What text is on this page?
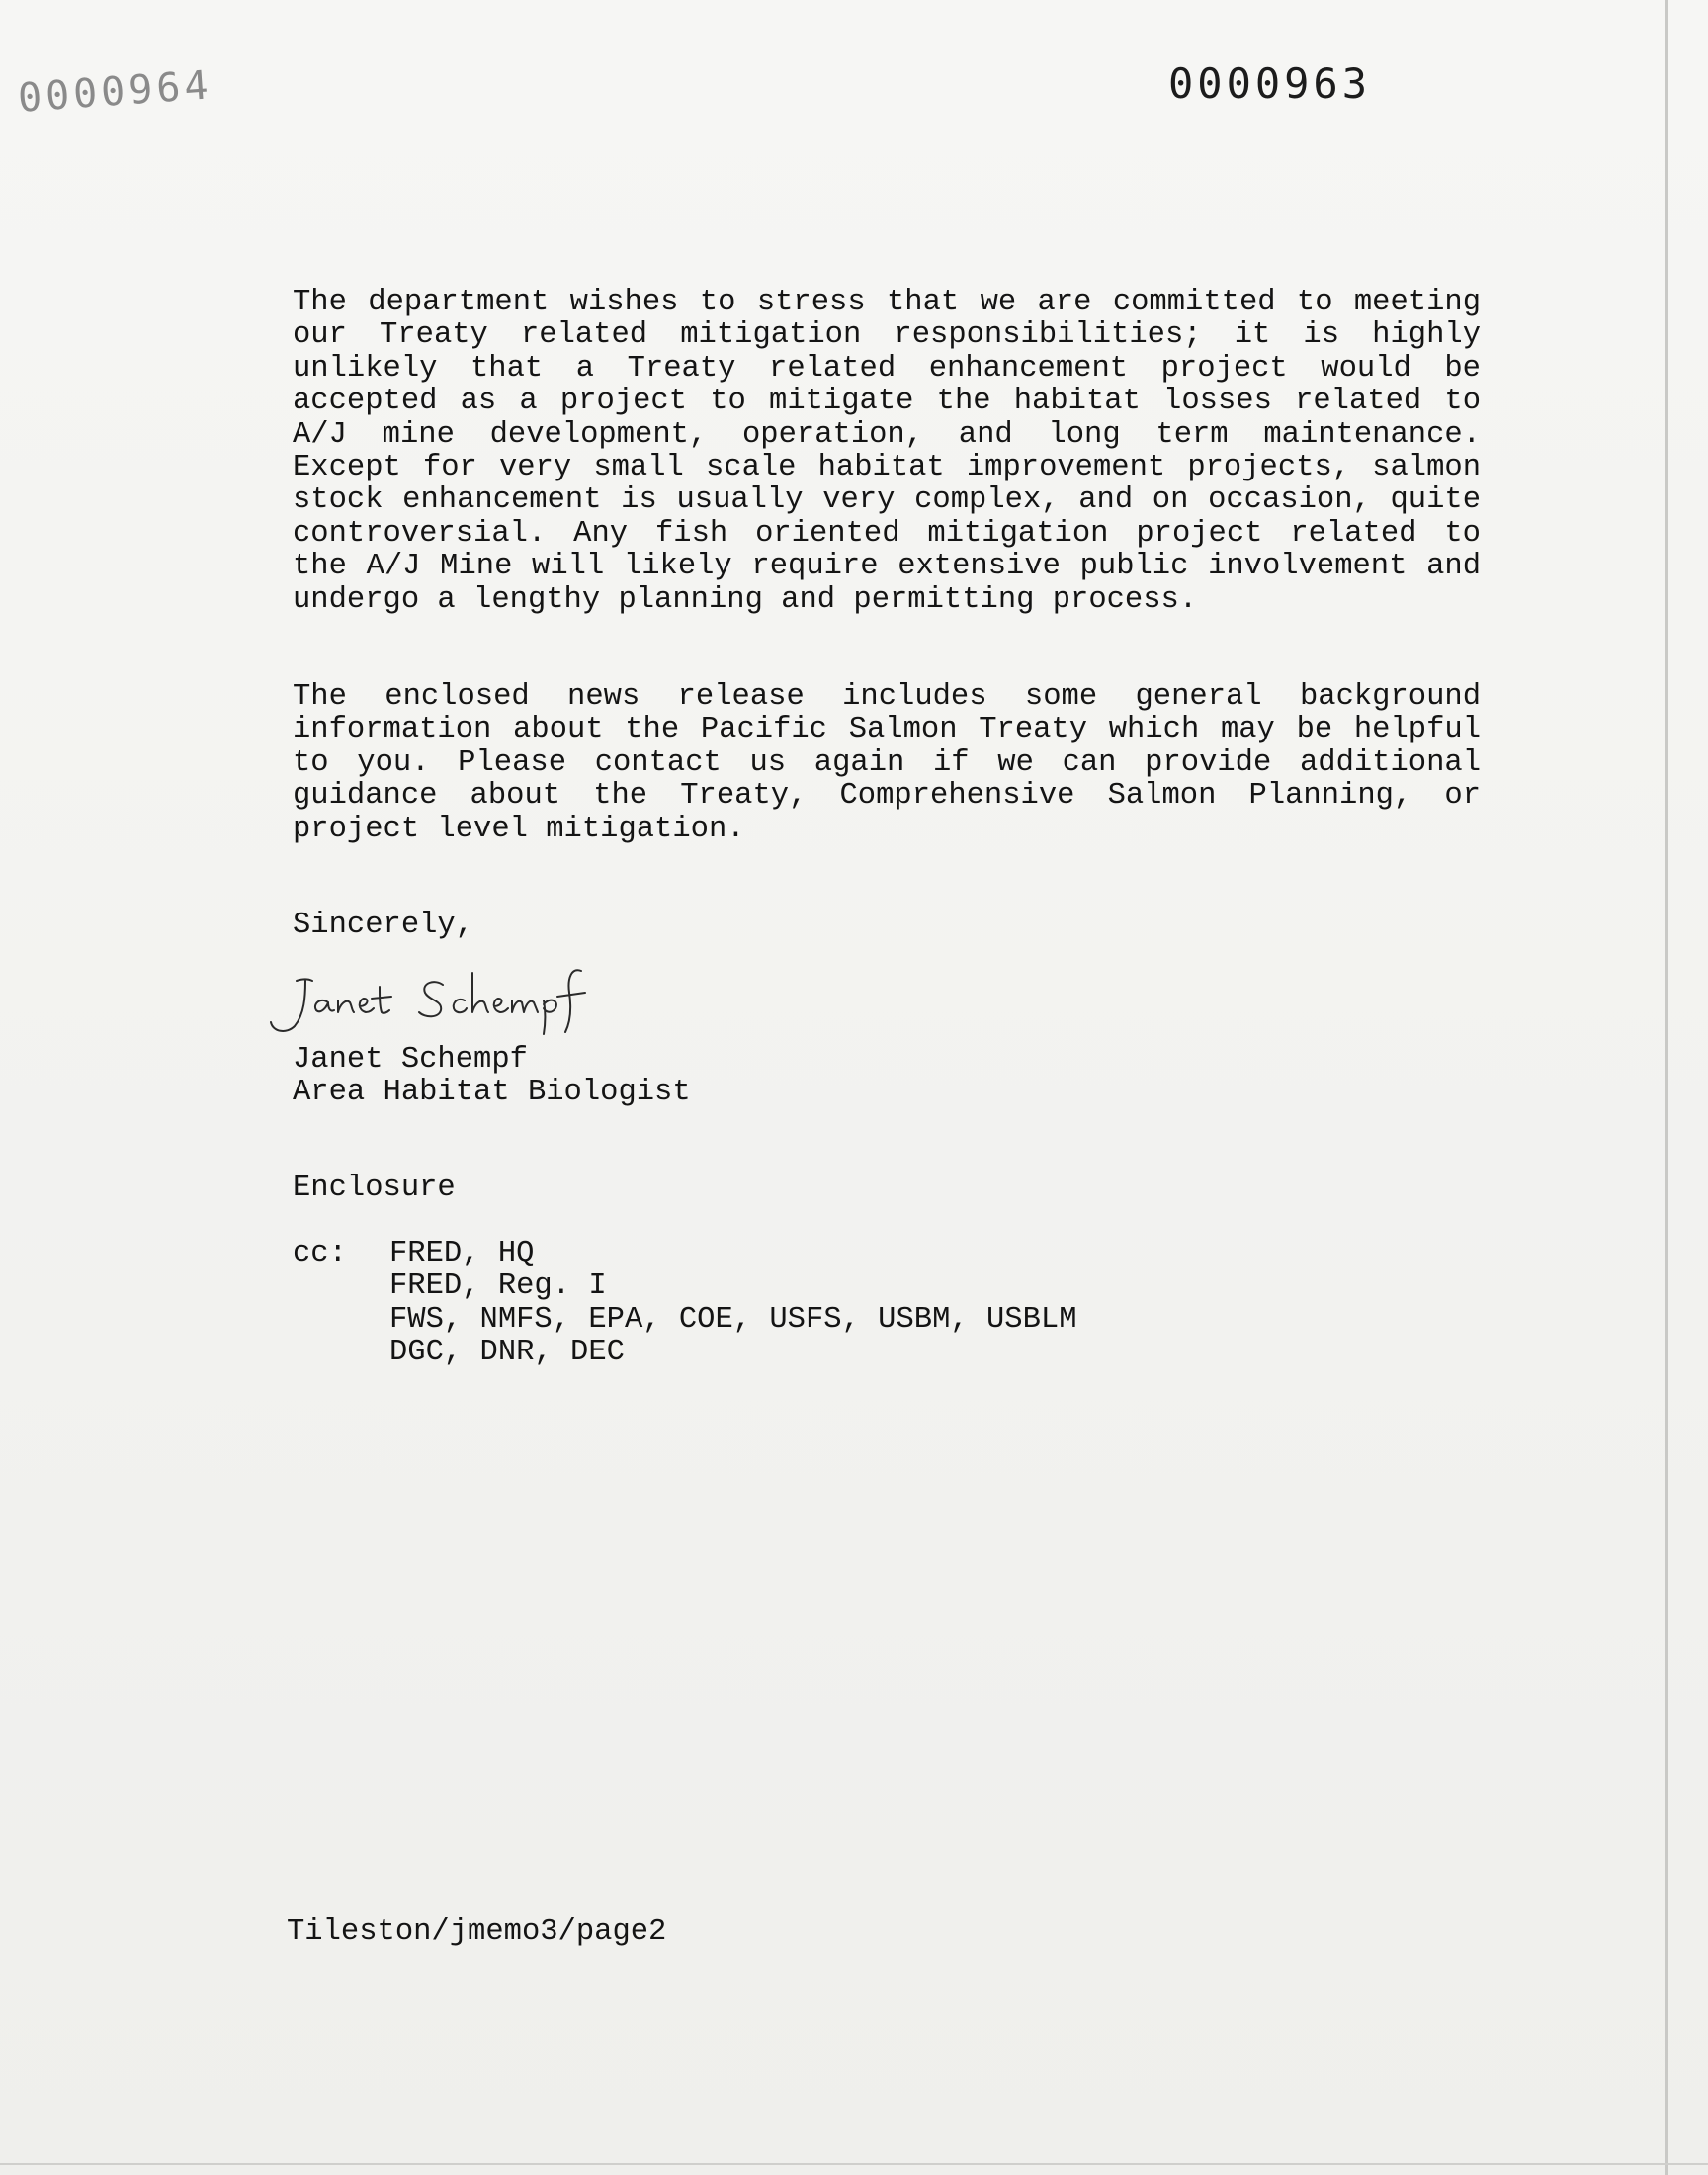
0000964	0000963

The department wishes to stress that we are committed to meeting our Treaty related mitigation responsibilities; it is highly unlikely that a Treaty related enhancement project would be accepted as a project to mitigate the habitat losses related to A/J mine development, operation, and long term maintenance. Except for very small scale habitat improvement projects, salmon stock enhancement is usually very complex, and on occasion, quite controversial. Any fish oriented mitigation project related to the A/J Mine will likely require extensive public involvement and undergo a lengthy planning and permitting process.

The enclosed news release includes some general background information about the Pacific Salmon Treaty which may be helpful to you. Please contact us again if we can provide additional guidance about the Treaty, Comprehensive Salmon Planning, or project level mitigation.

Sincerely,
Janet Schempf
Area Habitat Biologist
Enclosure
cc: FRED, HQ
FRED, Reg. I
FWS, NMFS, EPA, COE, USFS, USBM, USBLM
DGC, DNR, DEC
Tileston/jmemo3/page2
